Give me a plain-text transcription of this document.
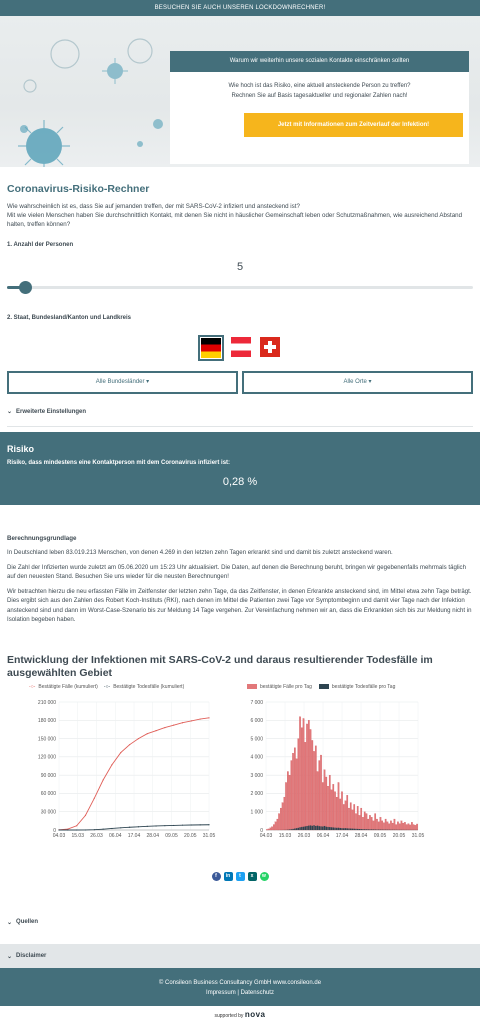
BESUCHEN SIE AUCH UNSEREN LOCKDOWNRECHNER!
Warum wir weiterhin unsere sozialen Kontakte einschränken sollten
Wie hoch ist das Risiko, eine aktuell ansteckende Person zu treffen?
Rechnen Sie auf Basis tagesaktueller und regionaler Zahlen nach!
Jetzt mit Informationen zum Zeitverlauf der Infektion!
Coronavirus-Risiko-Rechner

Wie wahrscheinlich ist es, dass Sie auf jemanden treffen, der mit SARS-CoV-2 infiziert und ansteckend ist?

Mit wie vielen Menschen haben Sie durchschnittlich Kontakt, mit denen Sie nicht in häuslicher Gemeinschaft leben oder Schutzmaßnahmen, wie ausreichend Abstand halten, treffen können?

1. Anzahl der Personen
5
2. Staat, Bundesland/Kanton und Landkreis
Alle Bundesländer ▾	Alle Orte ▾
⌄ Erweiterte Einstellungen
Risiko
Risiko, dass mindestens eine Kontaktperson mit dem Coronavirus infiziert ist:
0,28 %
Berechnungsgrundlage

In Deutschland leben 83.019.213 Menschen, von denen 4.269 in den letzten zehn Tagen erkrankt sind und damit bis zuletzt ansteckend waren.

Die Zahl der Infizierten wurde zuletzt am 05.06.2020 um 15:23 Uhr aktualisiert. Die Daten, auf denen die Berechnung beruht, bringen wir gegebenenfalls mehrmals täglich auf den neuesten Stand. Besuchen Sie uns wieder für die neusten Berechnungen!

Wir betrachten hierzu die neu erfassten Fälle im Zeitfenster der letzten zehn Tage, da das Zeitfenster, in denen Erkrankte ansteckend sind, im Mittel etwa zehn Tage beträgt. Dies ergibt sich aus den Zahlen des Robert Koch-Instituts (RKI), nach denen im Mittel die Patienten zwei Tage vor Symptombeginn und damit vier Tage nach der Infektion ansteckend sind und dann im Worst-Case-Szenario bis zur Meldung 14 Tage vergehen. Zur Vereinfachung nehmen wir an, dass die Erkrankten sich bis zur Meldung nicht in Isolation begeben haben.

Entwicklung der Infektionen mit SARS-CoV-2 und daraus resultierender Todesfälle im ausgewählten Gebiet
-○- Bestätigte Fälle (kumuliert) -○- Bestätigte Todesfälle (kumuliert)	bestätigte Fälle pro Tag	bestätigte Todesfälle pro Tag
0
30 000
60 000
90 000
120 000
150 000
180 000
210 000
04.03 15.03 26.03 06.04 17.04 28.04 09.05 20.05 31.05
0
1 000
2 000
3 000
4 000
5 000
6 000
7 000
04.03 15.03 26.03 06.04 17.04 28.04 09.05 20.05 31.05
f	in	t	x	w
⌄ Quellen
⌄ Disclaimer
© Consileon Business Consultancy GmbH www.consileon.de
Impressum | Datenschutz
supported by nova
